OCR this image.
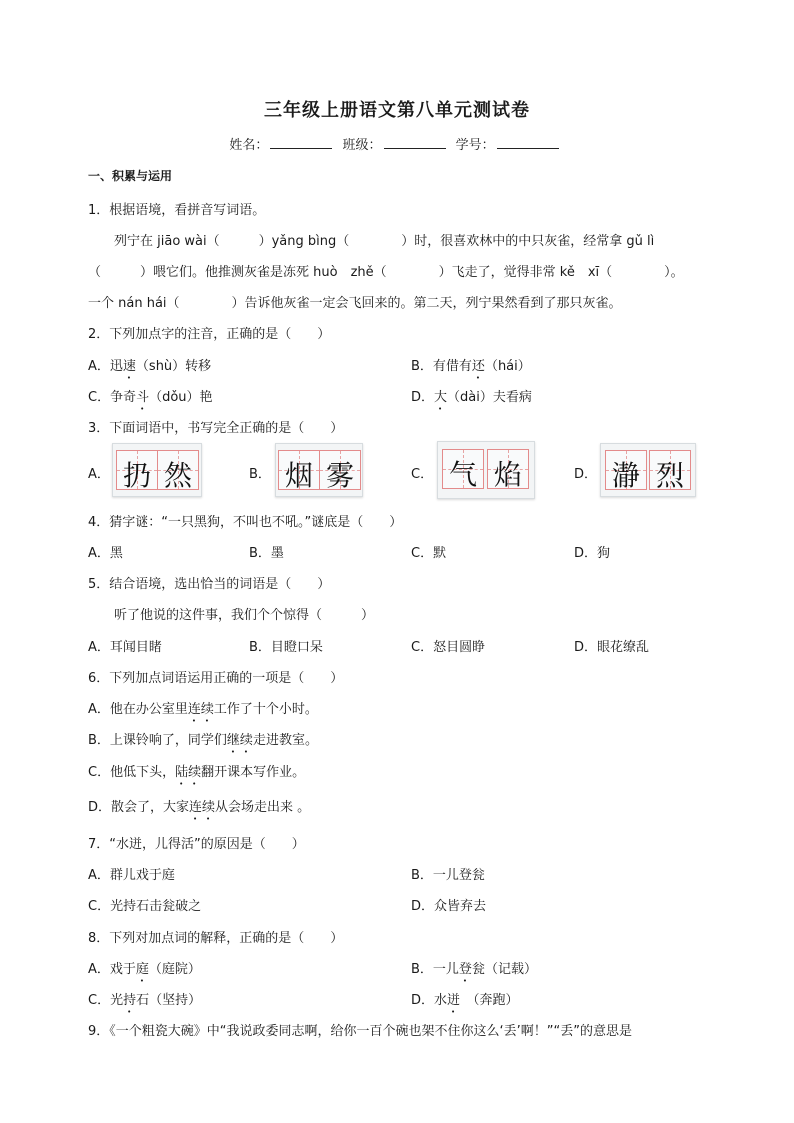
三年级上册语文第八单元测试卷
姓名：	班级：	学号：
一、积累与运用
1．根据语境，看拼音写词语。
列宁在 jiāo wài（　　　）yǎng bìng（　　　　）时，很喜欢林中的中只灰雀，经常拿 gǔ lì
（　　　）喂它们。他推测灰雀是冻死 huò　zhě（　　　　）飞走了，觉得非常 kě　xī（　　　　）。
一个 nán hái（　　　　）告诉他灰雀一定会飞回来的。第二天，列宁果然看到了那只灰雀。
2．下列加点字的注音，正确的是（　　）
A．迅速（shù）转移	B．有借有还（hái）
C．争奇斗（dǒu）艳	D．大（dài）夫看病
3．下面词语中，书写完全正确的是（　　）
A． 扔 然	B． 烟 雾	C． 气 焰	D． 瀞 烈
4．猜字谜：“一只黑狗，不叫也不吼。”谜底是（　　）
A．黑	B．墨	C．默	D．狗
5．结合语境，选出恰当的词语是（　　）
听了他说的这件事，我们个个惊得（　　　）
A．耳闻目睹	B．目瞪口呆	C．怒目圆睁	D．眼花缭乱
6．下列加点词语运用正确的一项是（　　）
A．他在办公室里连续工作了十个小时。
B．上课铃响了，同学们继续走进教室。
C．他低下头，陆续翻开课本写作业。
D．散会了，大家连续从会场走出来 。
7．“水迸，儿得活”的原因是（　　）
A．群儿戏于庭	B．一儿登瓮
C．光持石击瓮破之	D．众皆弃去
8．下列对加点词的解释，正确的是（　　）
A．戏于庭（庭院）	B．一儿登瓮（记载）
C．光持石（坚持）	D．水迸　（奔跑）
9．《一个粗瓷大碗》中“我说政委同志啊，给你一百个碗也架不住你这么‘丢’啊！”“丢”的意思是
